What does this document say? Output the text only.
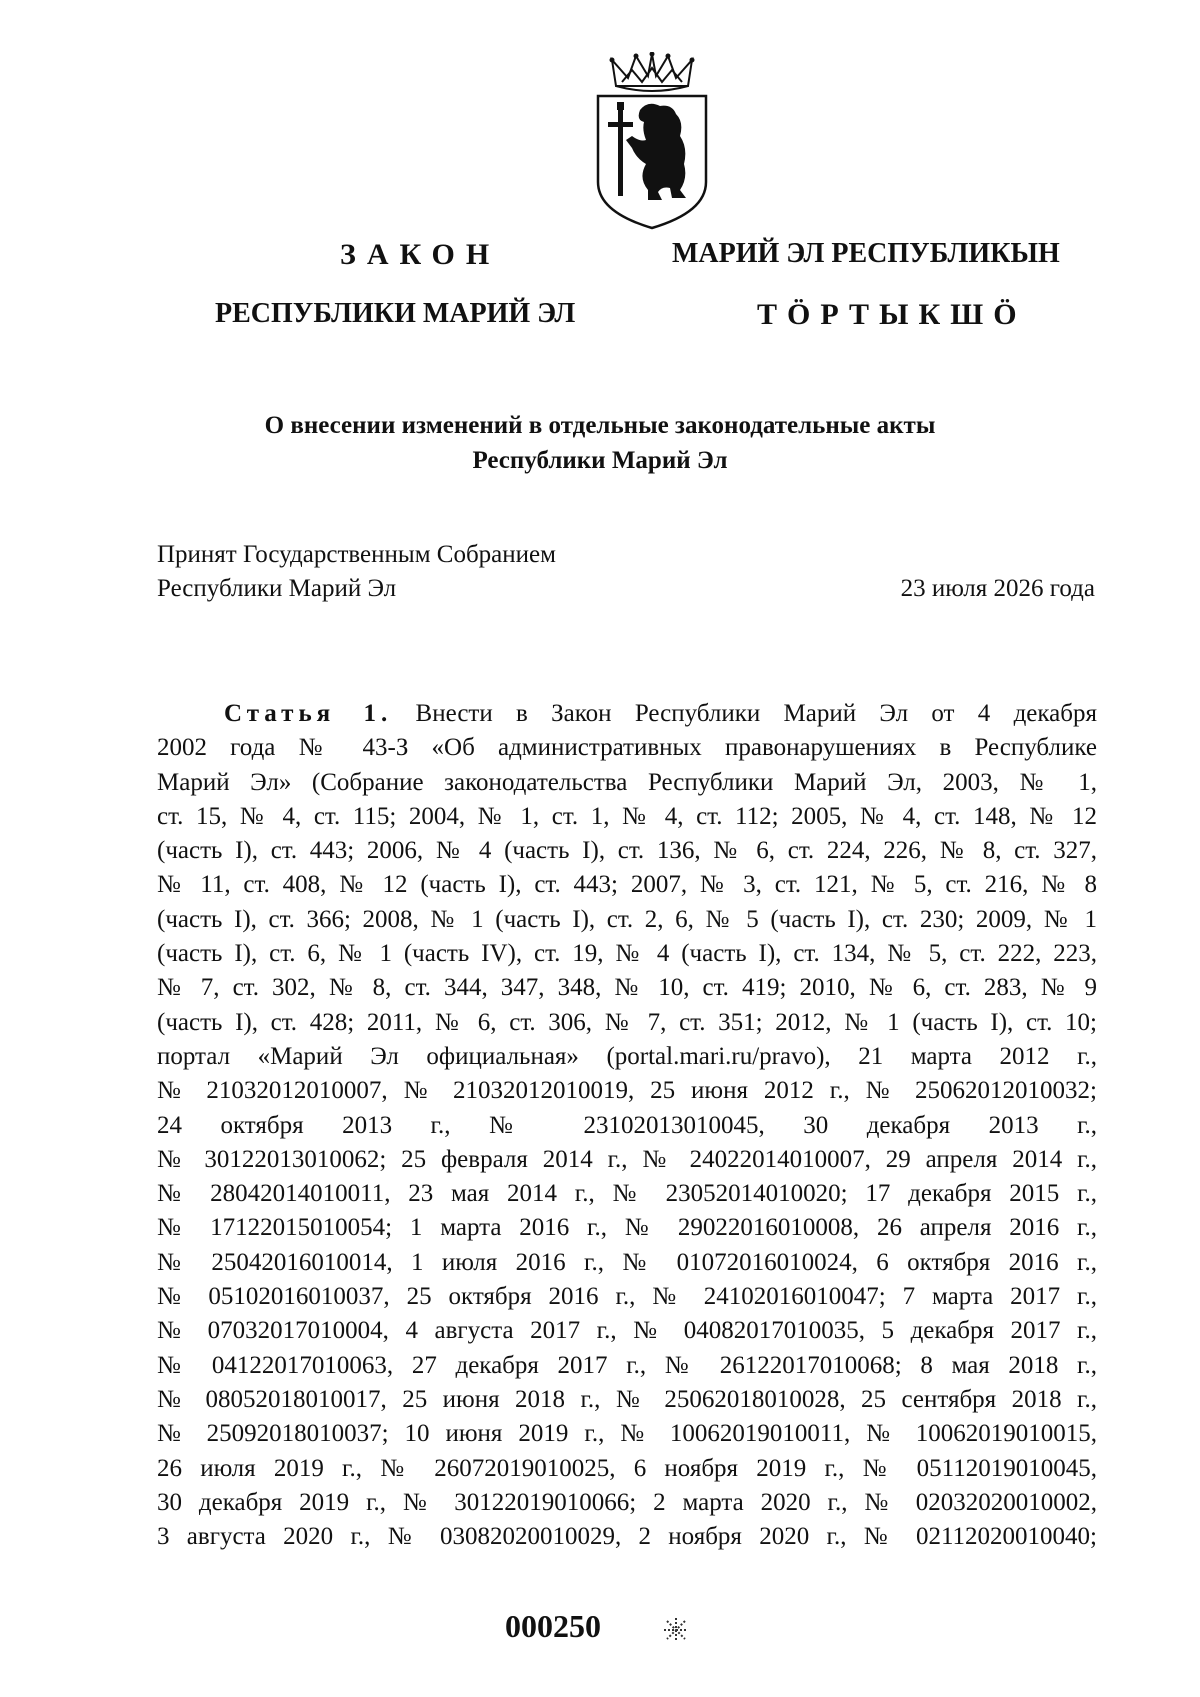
ЗАКОН
РЕСПУБЛИКИ МАРИЙ ЭЛ
МАРИЙ ЭЛ РЕСПУБЛИКЫН
ТӦРТЫКШӦ
О внесении изменений в отдельные законодательные акты
Республики Марий Эл
Принят Государственным Собранием
Республики Марий Эл	23 июля 2026 года
Статья 1. Внести в Закон Республики Марий Эл от 4 декабря
2002 года № 43-З «Об административных правонарушениях в Республике
Марий Эл» (Собрание законодательства Республики Марий Эл, 2003, № 1,
ст. 15, № 4, ст. 115; 2004, № 1, ст. 1, № 4, ст. 112; 2005, № 4, ст. 148, № 12
(часть I), ст. 443; 2006, № 4 (часть I), ст. 136, № 6, ст. 224, 226, № 8, ст. 327,
№ 11, ст. 408, № 12 (часть I), ст. 443; 2007, № 3, ст. 121, № 5, ст. 216, № 8
(часть I), ст. 366; 2008, № 1 (часть I), ст. 2, 6, № 5 (часть I), ст. 230; 2009, № 1
(часть I), ст. 6, № 1 (часть IV), ст. 19, № 4 (часть I), ст. 134, № 5, ст. 222, 223,
№ 7, ст. 302, № 8, ст. 344, 347, 348, № 10, ст. 419; 2010, № 6, ст. 283, № 9
(часть I), ст. 428; 2011, № 6, ст. 306, № 7, ст. 351; 2012, № 1 (часть I), ст. 10;
портал «Марий Эл официальная» (portal.mari.ru/pravo), 21 марта 2012 г.,
№ 21032012010007, № 21032012010019, 25 июня 2012 г., № 25062012010032;
24 октября 2013 г., № 23102013010045, 30 декабря 2013 г.,
№ 30122013010062; 25 февраля 2014 г., № 24022014010007, 29 апреля 2014 г.,
№ 28042014010011, 23 мая 2014 г., № 23052014010020; 17 декабря 2015 г.,
№ 17122015010054; 1 марта 2016 г., № 29022016010008, 26 апреля 2016 г.,
№ 25042016010014, 1 июля 2016 г., № 01072016010024, 6 октября 2016 г.,
№ 05102016010037, 25 октября 2016 г., № 24102016010047; 7 марта 2017 г.,
№ 07032017010004, 4 августа 2017 г., № 04082017010035, 5 декабря 2017 г.,
№ 04122017010063, 27 декабря 2017 г., № 26122017010068; 8 мая 2018 г.,
№ 08052018010017, 25 июня 2018 г., № 25062018010028, 25 сентября 2018 г.,
№ 25092018010037; 10 июня 2019 г., № 10062019010011, № 10062019010015,
26 июля 2019 г., № 26072019010025, 6 ноября 2019 г., № 05112019010045,
30 декабря 2019 г., № 30122019010066; 2 марта 2020 г., № 02032020010002,
3 августа 2020 г., № 03082020010029, 2 ноября 2020 г., № 02112020010040;
000250
